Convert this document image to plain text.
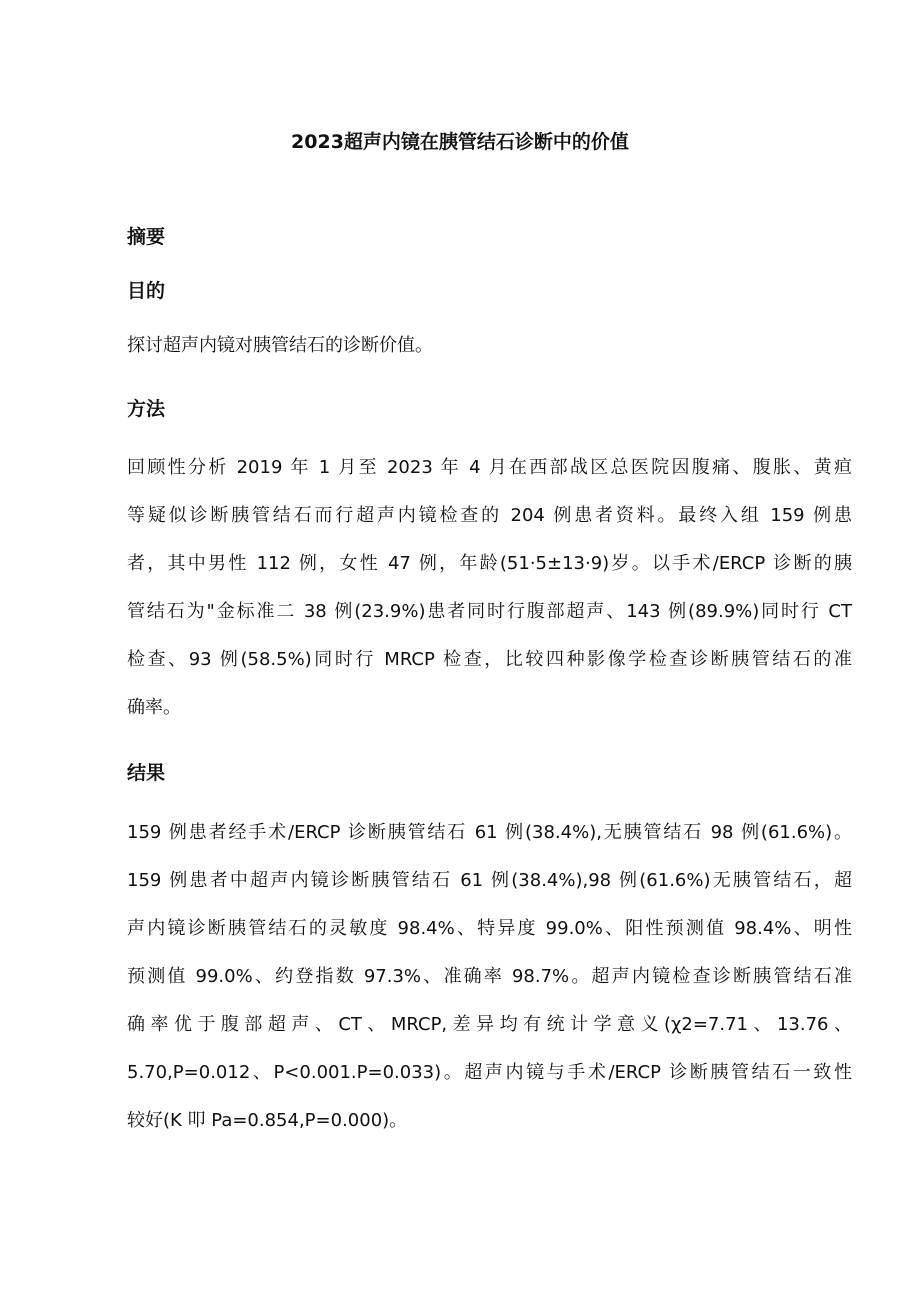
2023超声内镜在胰管结石诊断中的价值
摘要
目的
探讨超声内镜对胰管结石的诊断价值。
方法
回顾性分析 2019 年 1 月至 2023 年 4 月在西部战区总医院因腹痛、腹胀、黄疸
等疑似诊断胰管结石而行超声内镜检查的 204 例患者资料。最终入组 159 例患
者，其中男性 112 例，女性 47 例，年龄(51·5±13·9)岁。以手术/ERCP 诊断的胰
管结石为"金标准二 38 例(23.9%)患者同时行腹部超声、143 例(89.9%)同时行 CT
检查、93 例(58.5%)同时行 MRCP 检查，比较四种影像学检查诊断胰管结石的准
确率。
结果
159 例患者经手术/ERCP 诊断胰管结石 61 例(38.4%),无胰管结石 98 例(61.6%)。
159 例患者中超声内镜诊断胰管结石 61 例(38.4%),98 例(61.6%)无胰管结石，超
声内镜诊断胰管结石的灵敏度 98.4%、特异度 99.0%、阳性预测值 98.4%、明性
预测值 99.0%、约登指数 97.3%、准确率 98.7%。超声内镜检查诊断胰管结石准
确率优于腹部超声、CT、MRCP,差异均有统计学意义(χ2=7.71、13.76、
5.70,P=0.012、P<0.001.P=0.033)。超声内镜与手术/ERCP 诊断胰管结石一致性
较好(K 叩 Pa=0.854,P=0.000)。
